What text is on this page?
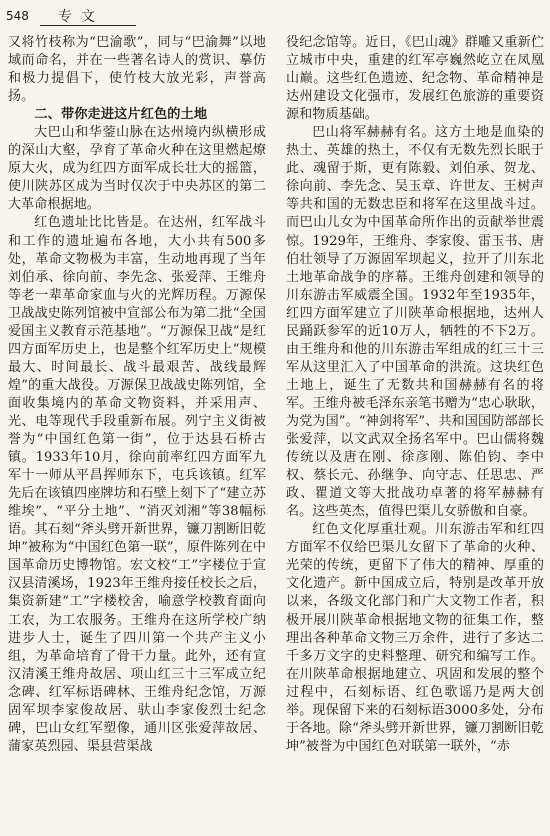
548 专文

又将竹枝称为“巴渝歌”，同与“巴渝舞”以地域而命名，并在一些著名诗人的赏识、摹仿和极力提倡下，使竹枝大放光彩，声誉高扬。

二、带你走进这片红色的土地

大巴山和华蓥山脉在达州境内纵横形成的深山大壑，孕育了革命火种在这里燃起燎原大火，成为红四方面军成长壮大的摇篮，使川陕苏区成为当时仅次于中央苏区的第二大革命根据地。

红色遗址比比皆是。在达州，红军战斗和工作的遗址遍布各地，大小共有500多处，革命文物极为丰富，生动地再现了当年刘伯承、徐向前、李先念、张爱萍、王维舟等老一辈革命家血与火的光辉历程。万源保卫战战史陈列馆被中宣部公布为第二批“全国爱国主义教育示范基地”。“万源保卫战”是红四方面军历史上，也是整个红军历史上“规模最大、时间最长、战斗最艰苦、战线最辉煌”的重大战役。万源保卫战战史陈列馆，全面收集境内的革命文物资料，并采用声、光、电等现代手段重新布展。列宁主义街被誉为“中国红色第一街”，位于达县石桥古镇。1933年10月，徐向前率红四方面军九军十一师从平昌挥师东下，屯兵该镇。红军先后在该镇四座牌坊和石壁上刻下了“建立苏维埃”、“平分土地”、“消灭刘湘”等38幅标语。其石刻“斧头劈开新世界，镰刀割断旧乾坤”被称为“中国红色第一联”，原件陈列在中国革命历史博物馆。宏文校“工”字楼位于宣汉县清溪场，1923年王维舟接任校长之后，集资新建“工”字楼校舍，喻意学校教育面向工农，为工农服务。王维舟在这所学校广纳进步人士，诞生了四川第一个共产主义小组，为革命培育了骨干力量。此外，还有宣汉清溪王维舟故居、项山红三十三军成立纪念碑、红军标语碑林、王维舟纪念馆，万源固军坝李家俊故居、驮山李家俊烈士纪念碑，巴山女红军塑像，通川区张爱萍故居、蒲家英烈园、渠县营渠战

役纪念馆等。近日，《巴山魂》群雕又重新伫立城市中央，重建的红军亭巍然屹立在凤凰山巅。这些红色遗迹、纪念物、革命精神是达州建设文化强市，发展红色旅游的重要资源和物质基础。

巴山将军赫赫有名。这方土地是血染的热土、英雄的热土，不仅有无数先烈长眠于此、魂留于斯，更有陈毅、刘伯承、贺龙、徐向前、李先念、吴玉章、许世友、王树声等共和国的无数忠臣和将军在这里战斗过。而巴山儿女为中国革命所作出的贡献举世震惊。1929年，王维舟、李家俊、雷玉书、唐伯壮领导了万源固军坝起义，拉开了川东北土地革命战争的序幕。王维舟创建和领导的川东游击军威震全国。1932年至1935年，红四方面军建立了川陕革命根据地，达州人民踊跃参军的近10万人，牺牲的不下2万。由王维舟和他的川东游击军组成的红三十三军从这里汇入了中国革命的洪流。这块红色土地上，诞生了无数共和国赫赫有名的将军。王维舟被毛泽东亲笔书赠为“忠心耿耿，为党为国”。“神剑将军”、共和国国防部部长张爱萍，以文武双全扬名军中。巴山儒将魏传统以及唐在刚、徐彦刚、陈伯钧、李中权、蔡长元、孙继争、向守志、任思忠、严政、瞿道文等大批战功卓著的将军赫赫有名。这些英杰，值得巴渠儿女骄傲和自豪。

红色文化厚重壮观。川东游击军和红四方面军不仅给巴渠儿女留下了革命的火种、光荣的传统，更留下了伟大的精神、厚重的文化遗产。新中国成立后，特别是改革开放以来，各级文化部门和广大文物工作者，积极开展川陕革命根据地文物的征集工作，整理出各种革命文物三万余件，进行了多达二千多万文字的史料整理、研究和编写工作。在川陕革命根据地建立、巩固和发展的整个过程中，石刻标语、红色歌谣乃是两大创举。现保留下来的石刻标语3000多处，分布于各地。除“斧头劈开新世界，镰刀割断旧乾坤”被誉为中国红色对联第一联外，“赤
